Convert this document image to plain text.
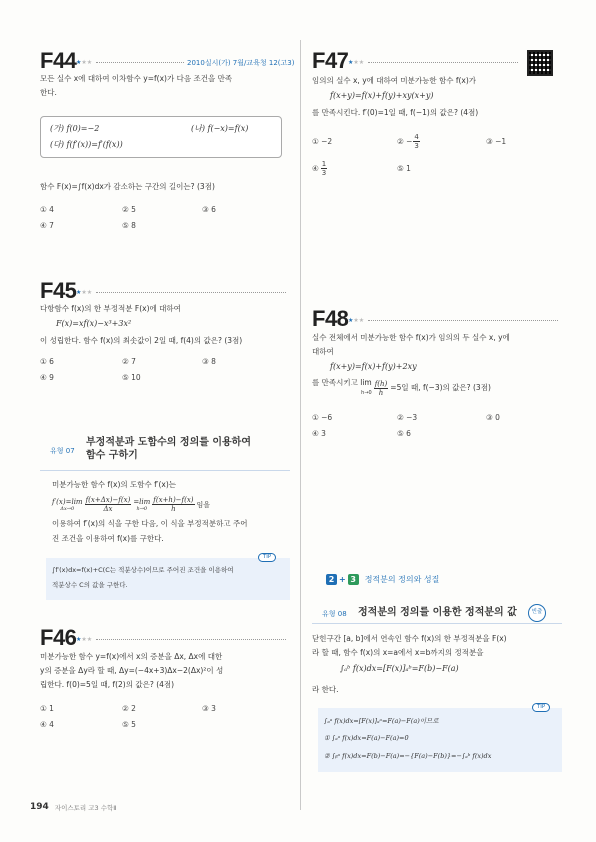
F44 ★★★	2010실시(가) 7월/교육청 12(고3)
모든 실수 x에 대하여 이차함수 y=f(x)가 다음 조건을 만족
한다.
(가) f(0)=−2	(나) f(−x)=f(x)
(다) f(f′(x))=f′(f(x))
함수 F(x)=∫f(x)dx가 감소하는 구간의 길이는? (3점)
① 4	② 5	③ 6
④ 7	⑤ 8
F45 ★★★
다항함수 f(x)의 한 부정적분 F(x)에 대하여
F(x)=xf(x)−x³+3x²
이 성립한다. 함수 f(x)의 최솟값이 2일 때, f(4)의 값은? (3점)
① 6	② 7	③ 8
④ 9	⑤ 10
유형 07
부정적분과 도함수의 정의를 이용하여
함수 구하기
미분가능한 함수 f(x)의 도함수 f′(x)는
f′(x)=lim
$\Delta x\to 0 \frac{f(x+\Delta x)-f(x)}{\Delta x} =\lim$
$h\to 0 \frac{f(x+h)-f(x)}{h}$ 임을
이용하여 f′(x)의 식을 구한 다음, 이 식을 부정적분하고 주어
진 조건을 이용하여 f(x)를 구한다.
TIP
∫f′(x)dx=f(x)+C(C는 적분상수)이므로 주어진 조건을 이용하여
적분상수 C의 값을 구한다.
F46 ★★★
미분가능한 함수 y=f(x)에서 x의 증분을 Δx, Δx에 대한
y의 증분을 Δy라 할 때, Δy=(−4x+3)Δx−2(Δx)²이 성
립한다. f(0)=5일 때, f(2)의 값은? (4점)
① 1	② 2	③ 3
④ 4	⑤ 5
F47 ★★★
임의의 실수 x, y에 대하여 미분가능한 함수 f(x)가
f(x+y)=f(x)+f(y)+xy(x+y)
를 만족시킨다. f′(0)=1일 때, f(−1)의 값은? (4점)
① −2	② − $\frac{4}{3}$	③ −1
④ $\frac{1}{3}$	⑤ 1
F48 ★★★
실수 전체에서 미분가능한 함수 f(x)가 임의의 두 실수 x, y에
대하여
f(x+y)=f(x)+f(y)+2xy
를 만족시키고 lim
$h\to 0 \frac{f(h)}{h} =5$일 때, f(−3)의 값은? (3점)
① −6	② −3	③ 0
④ 3	⑤ 6
2 + 3	정적분의 정의와 성질
유형 08 정적분의 정의를 이용한 정적분의 값	빈출
닫힌구간 [a, b]에서 연속인 함수 f(x)의 한 부정적분을 F(x)
라 할 때, 함수 f(x)의 x=a에서 x=b까지의 정적분을
∫ₐᵇ f(x)dx=[F(x)]ₐᵇ=F(b)−F(a)
라 한다.
TIP
∫ₐᵃ f(x)dx=[F(x)]ₐᵃ=F(a)−F(a)이므로
① ∫ₐᵃ f(x)dx=F(a)−F(a)=0
② ∫ᵦᵃ f(x)dx=F(b)−F(a)=−{F(a)−F(b)}=−∫ₐᵇ f(x)dx
194 자이스토리 고3 수학Ⅱ
